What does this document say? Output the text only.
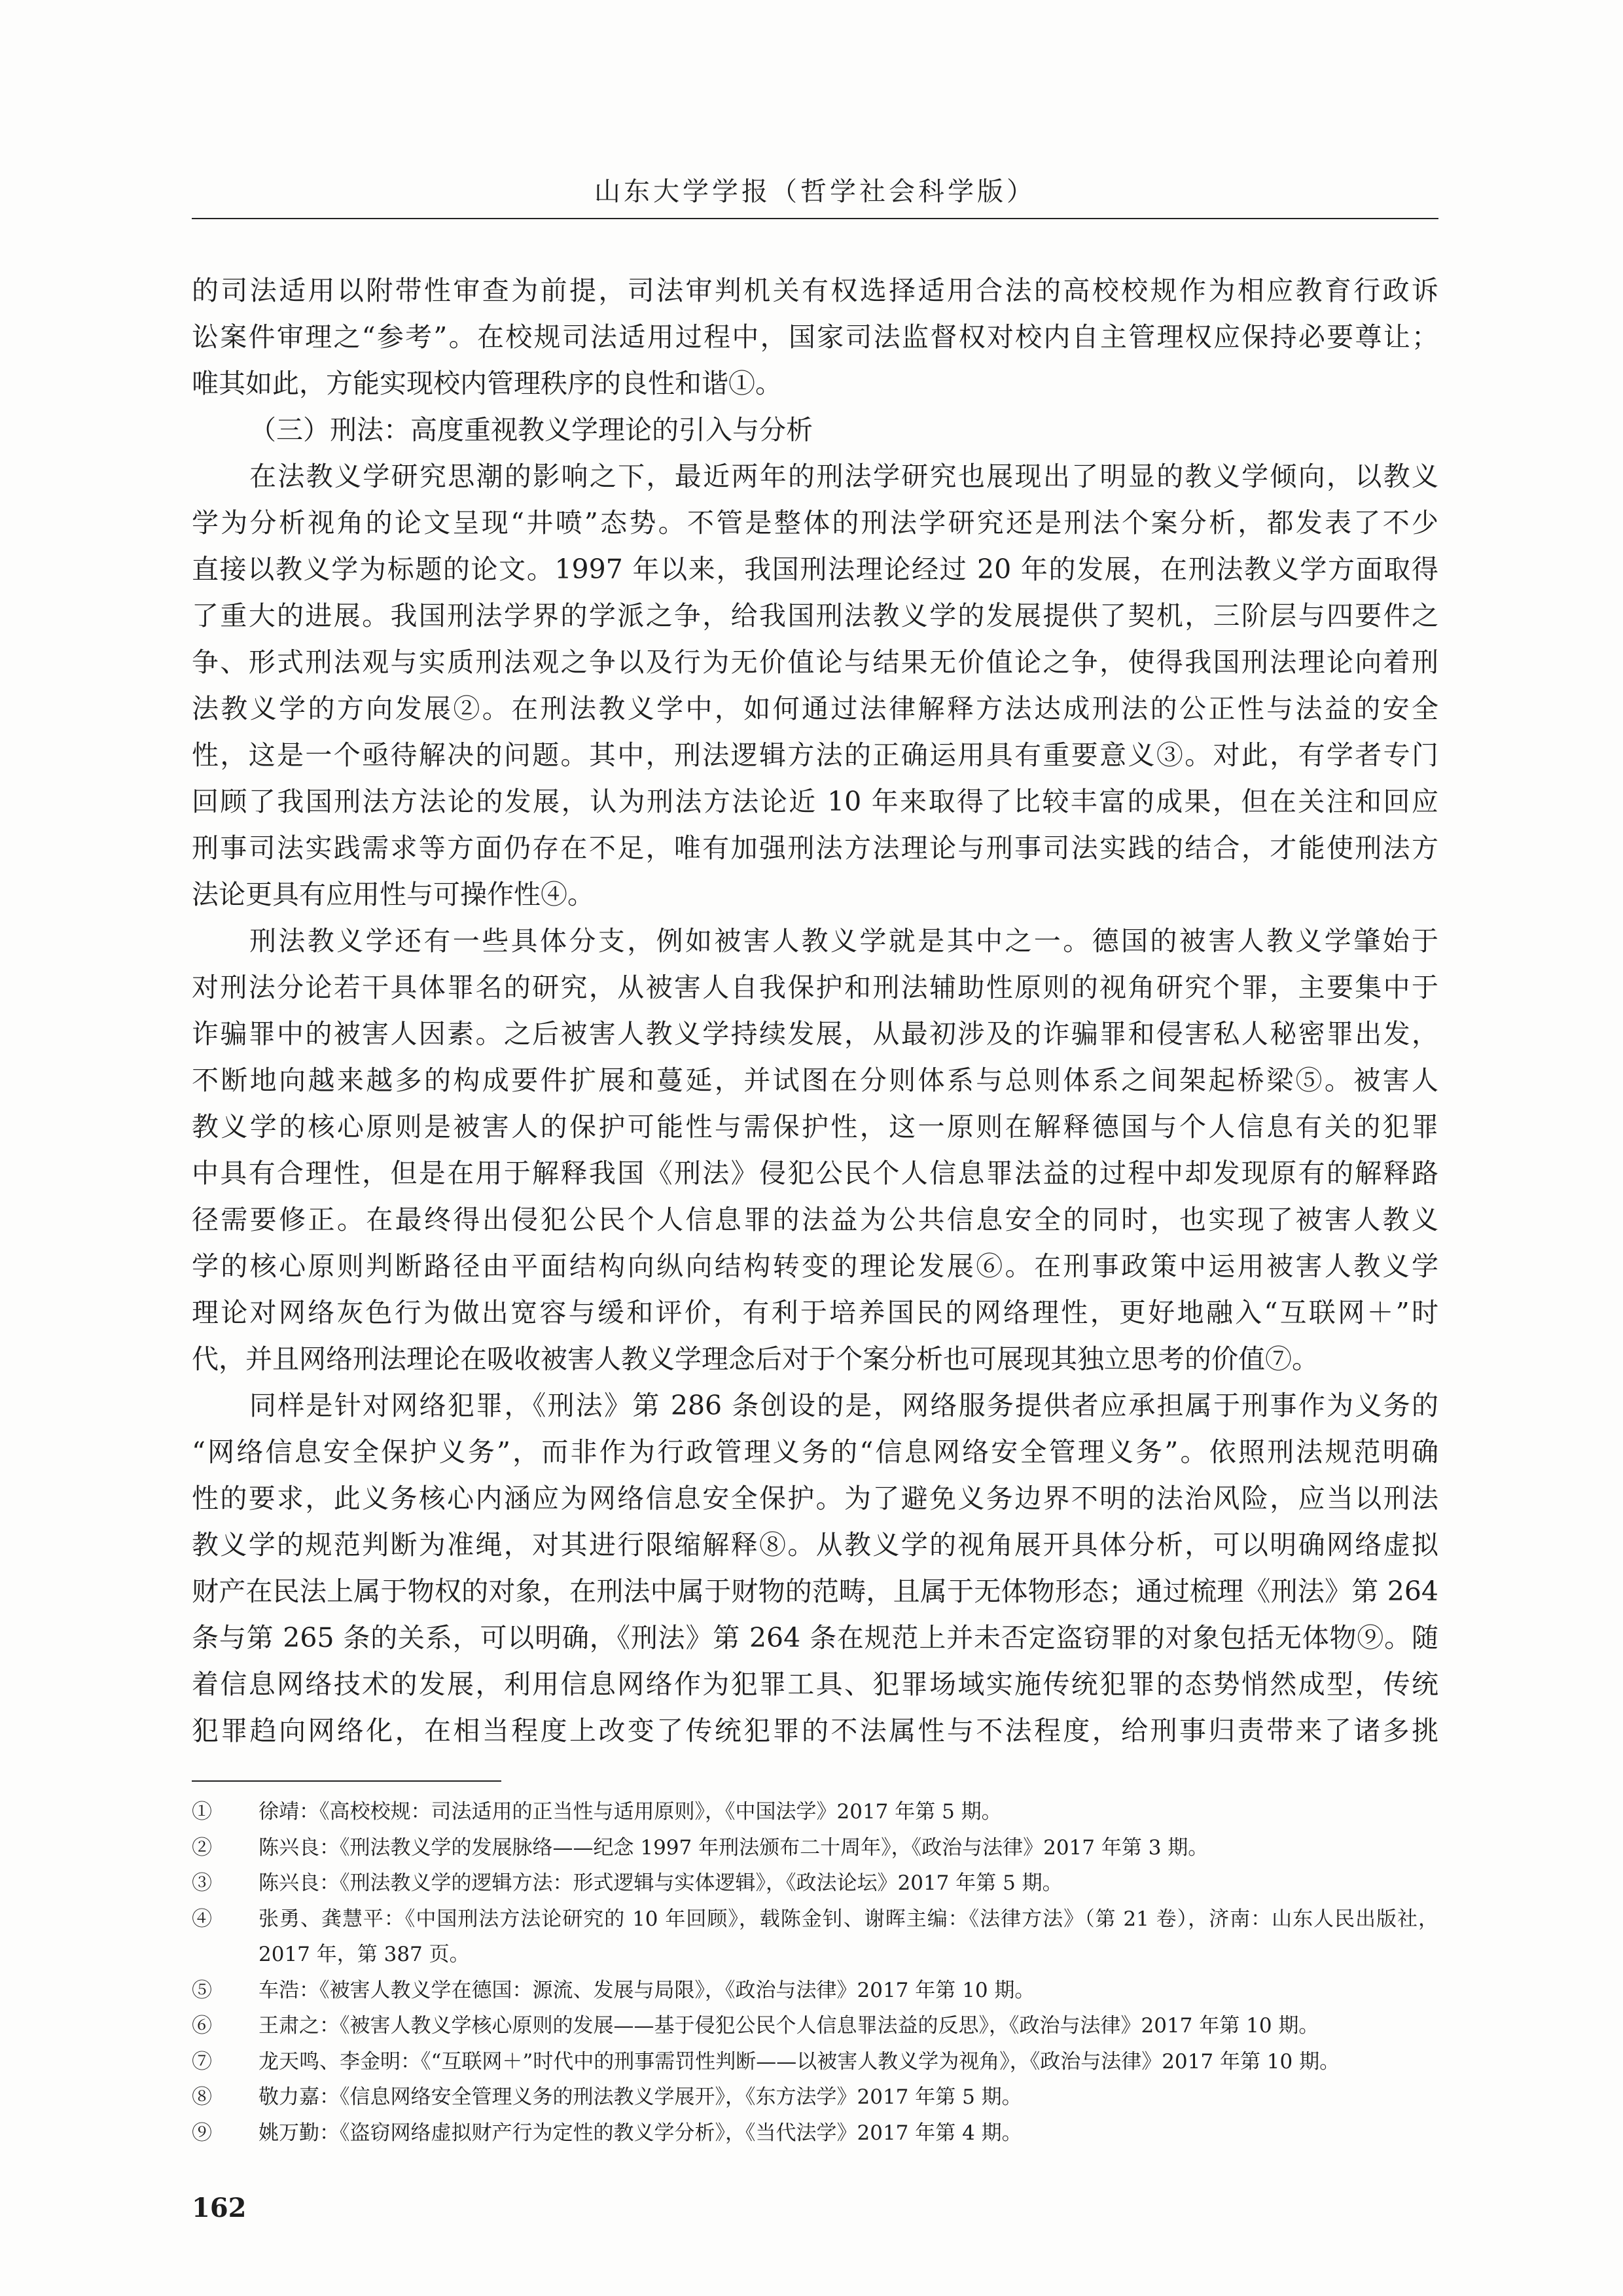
山东大学学报（哲学社会科学版）
的司法适用以附带性审查为前提，司法审判机关有权选择适用合法的高校校规作为相应教育行政诉
讼案件审理之“参考”。在校规司法适用过程中，国家司法监督权对校内自主管理权应保持必要尊让；
唯其如此，方能实现校内管理秩序的良性和谐①。
（三）刑法：高度重视教义学理论的引入与分析
在法教义学研究思潮的影响之下，最近两年的刑法学研究也展现出了明显的教义学倾向，以教义
学为分析视角的论文呈现“井喷”态势。不管是整体的刑法学研究还是刑法个案分析，都发表了不少
直接以教义学为标题的论文。1997 年以来，我国刑法理论经过 20 年的发展，在刑法教义学方面取得
了重大的进展。我国刑法学界的学派之争，给我国刑法教义学的发展提供了契机，三阶层与四要件之
争、形式刑法观与实质刑法观之争以及行为无价值论与结果无价值论之争，使得我国刑法理论向着刑
法教义学的方向发展②。在刑法教义学中，如何通过法律解释方法达成刑法的公正性与法益的安全
性，这是一个亟待解决的问题。其中，刑法逻辑方法的正确运用具有重要意义③。对此，有学者专门
回顾了我国刑法方法论的发展，认为刑法方法论近 10 年来取得了比较丰富的成果，但在关注和回应
刑事司法实践需求等方面仍存在不足，唯有加强刑法方法理论与刑事司法实践的结合，才能使刑法方
法论更具有应用性与可操作性④。
刑法教义学还有一些具体分支，例如被害人教义学就是其中之一。德国的被害人教义学肇始于
对刑法分论若干具体罪名的研究，从被害人自我保护和刑法辅助性原则的视角研究个罪，主要集中于
诈骗罪中的被害人因素。之后被害人教义学持续发展，从最初涉及的诈骗罪和侵害私人秘密罪出发，
不断地向越来越多的构成要件扩展和蔓延，并试图在分则体系与总则体系之间架起桥梁⑤。被害人
教义学的核心原则是被害人的保护可能性与需保护性，这一原则在解释德国与个人信息有关的犯罪
中具有合理性，但是在用于解释我国《刑法》侵犯公民个人信息罪法益的过程中却发现原有的解释路
径需要修正。在最终得出侵犯公民个人信息罪的法益为公共信息安全的同时，也实现了被害人教义
学的核心原则判断路径由平面结构向纵向结构转变的理论发展⑥。在刑事政策中运用被害人教义学
理论对网络灰色行为做出宽容与缓和评价，有利于培养国民的网络理性，更好地融入“互联网＋”时
代，并且网络刑法理论在吸收被害人教义学理念后对于个案分析也可展现其独立思考的价值⑦。
同样是针对网络犯罪，《刑法》第 286 条创设的是，网络服务提供者应承担属于刑事作为义务的
“网络信息安全保护义务”，而非作为行政管理义务的“信息网络安全管理义务”。依照刑法规范明确
性的要求，此义务核心内涵应为网络信息安全保护。为了避免义务边界不明的法治风险，应当以刑法
教义学的规范判断为准绳，对其进行限缩解释⑧。从教义学的视角展开具体分析，可以明确网络虚拟
财产在民法上属于物权的对象，在刑法中属于财物的范畴，且属于无体物形态；通过梳理《刑法》第 264
条与第 265 条的关系，可以明确，《刑法》第 264 条在规范上并未否定盗窃罪的对象包括无体物⑨。随
着信息网络技术的发展，利用信息网络作为犯罪工具、犯罪场域实施传统犯罪的态势悄然成型，传统
犯罪趋向网络化，在相当程度上改变了传统犯罪的不法属性与不法程度，给刑事归责带来了诸多挑
①	徐靖：《高校校规：司法适用的正当性与适用原则》，《中国法学》2017 年第 5 期。
②	陈兴良：《刑法教义学的发展脉络——纪念 1997 年刑法颁布二十周年》，《政治与法律》2017 年第 3 期。
③	陈兴良：《刑法教义学的逻辑方法：形式逻辑与实体逻辑》，《政法论坛》2017 年第 5 期。
④	张勇、龚慧平：《中国刑法方法论研究的 10 年回顾》，载陈金钊、谢晖主编：《法律方法》（第 21 卷），济南：山东人民出版社，
2017 年，第 387 页。
⑤	车浩：《被害人教义学在德国：源流、发展与局限》，《政治与法律》2017 年第 10 期。
⑥	王肃之：《被害人教义学核心原则的发展——基于侵犯公民个人信息罪法益的反思》，《政治与法律》2017 年第 10 期。
⑦	龙天鸣、李金明：《“互联网＋”时代中的刑事需罚性判断——以被害人教义学为视角》，《政治与法律》2017 年第 10 期。
⑧	敬力嘉：《信息网络安全管理义务的刑法教义学展开》，《东方法学》2017 年第 5 期。
⑨	姚万勤：《盗窃网络虚拟财产行为定性的教义学分析》，《当代法学》2017 年第 4 期。
162
